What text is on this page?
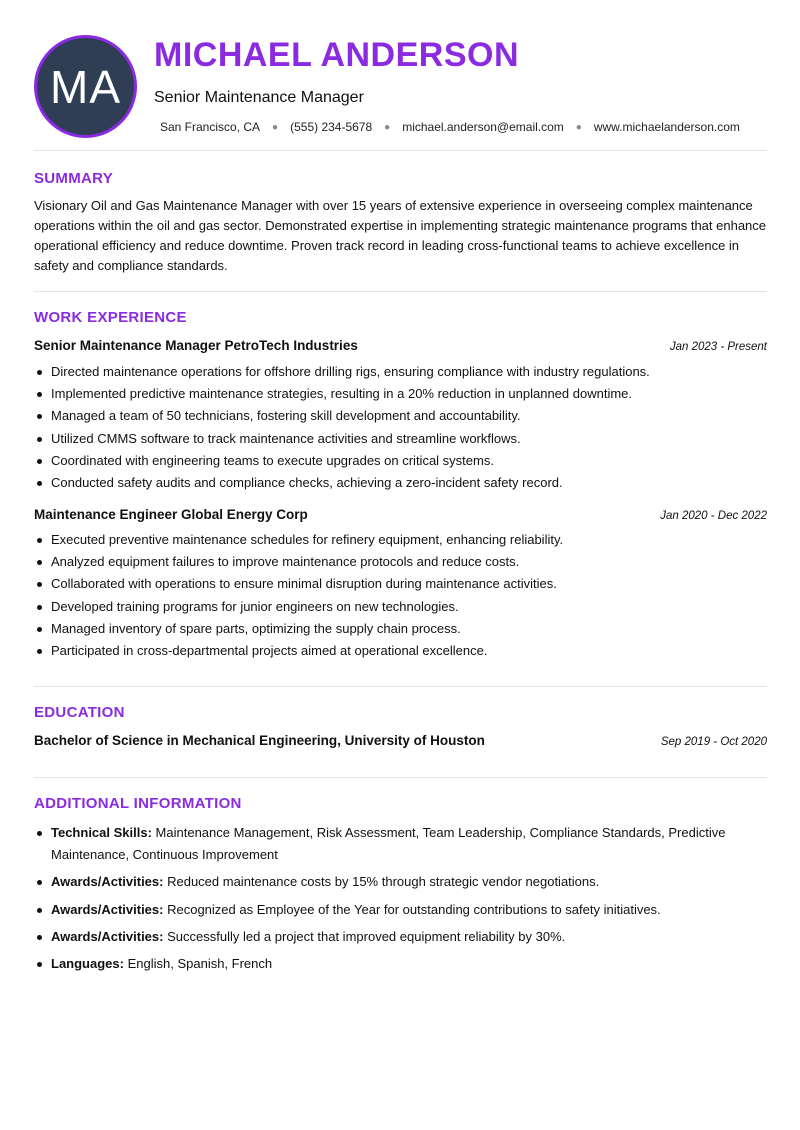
MA
MICHAEL ANDERSON
Senior Maintenance Manager
San Francisco, CA ● (555) 234-5678 ● michael.anderson@email.com ● www.michaelanderson.com
SUMMARY
Visionary Oil and Gas Maintenance Manager with over 15 years of extensive experience in overseeing complex maintenance operations within the oil and gas sector. Demonstrated expertise in implementing strategic maintenance programs that enhance operational efficiency and reduce downtime. Proven track record in leading cross-functional teams to achieve excellence in safety and compliance standards.
WORK EXPERIENCE
Senior Maintenance Manager PetroTech Industries	Jan 2023 - Present
Directed maintenance operations for offshore drilling rigs, ensuring compliance with industry regulations.
Implemented predictive maintenance strategies, resulting in a 20% reduction in unplanned downtime.
Managed a team of 50 technicians, fostering skill development and accountability.
Utilized CMMS software to track maintenance activities and streamline workflows.
Coordinated with engineering teams to execute upgrades on critical systems.
Conducted safety audits and compliance checks, achieving a zero-incident safety record.
Maintenance Engineer Global Energy Corp	Jan 2020 - Dec 2022
Executed preventive maintenance schedules for refinery equipment, enhancing reliability.
Analyzed equipment failures to improve maintenance protocols and reduce costs.
Collaborated with operations to ensure minimal disruption during maintenance activities.
Developed training programs for junior engineers on new technologies.
Managed inventory of spare parts, optimizing the supply chain process.
Participated in cross-departmental projects aimed at operational excellence.
EDUCATION
Bachelor of Science in Mechanical Engineering, University of Houston	Sep 2019 - Oct 2020
ADDITIONAL INFORMATION
Technical Skills: Maintenance Management, Risk Assessment, Team Leadership, Compliance Standards, Predictive Maintenance, Continuous Improvement
Awards/Activities: Reduced maintenance costs by 15% through strategic vendor negotiations.
Awards/Activities: Recognized as Employee of the Year for outstanding contributions to safety initiatives.
Awards/Activities: Successfully led a project that improved equipment reliability by 30%.
Languages: English, Spanish, French
